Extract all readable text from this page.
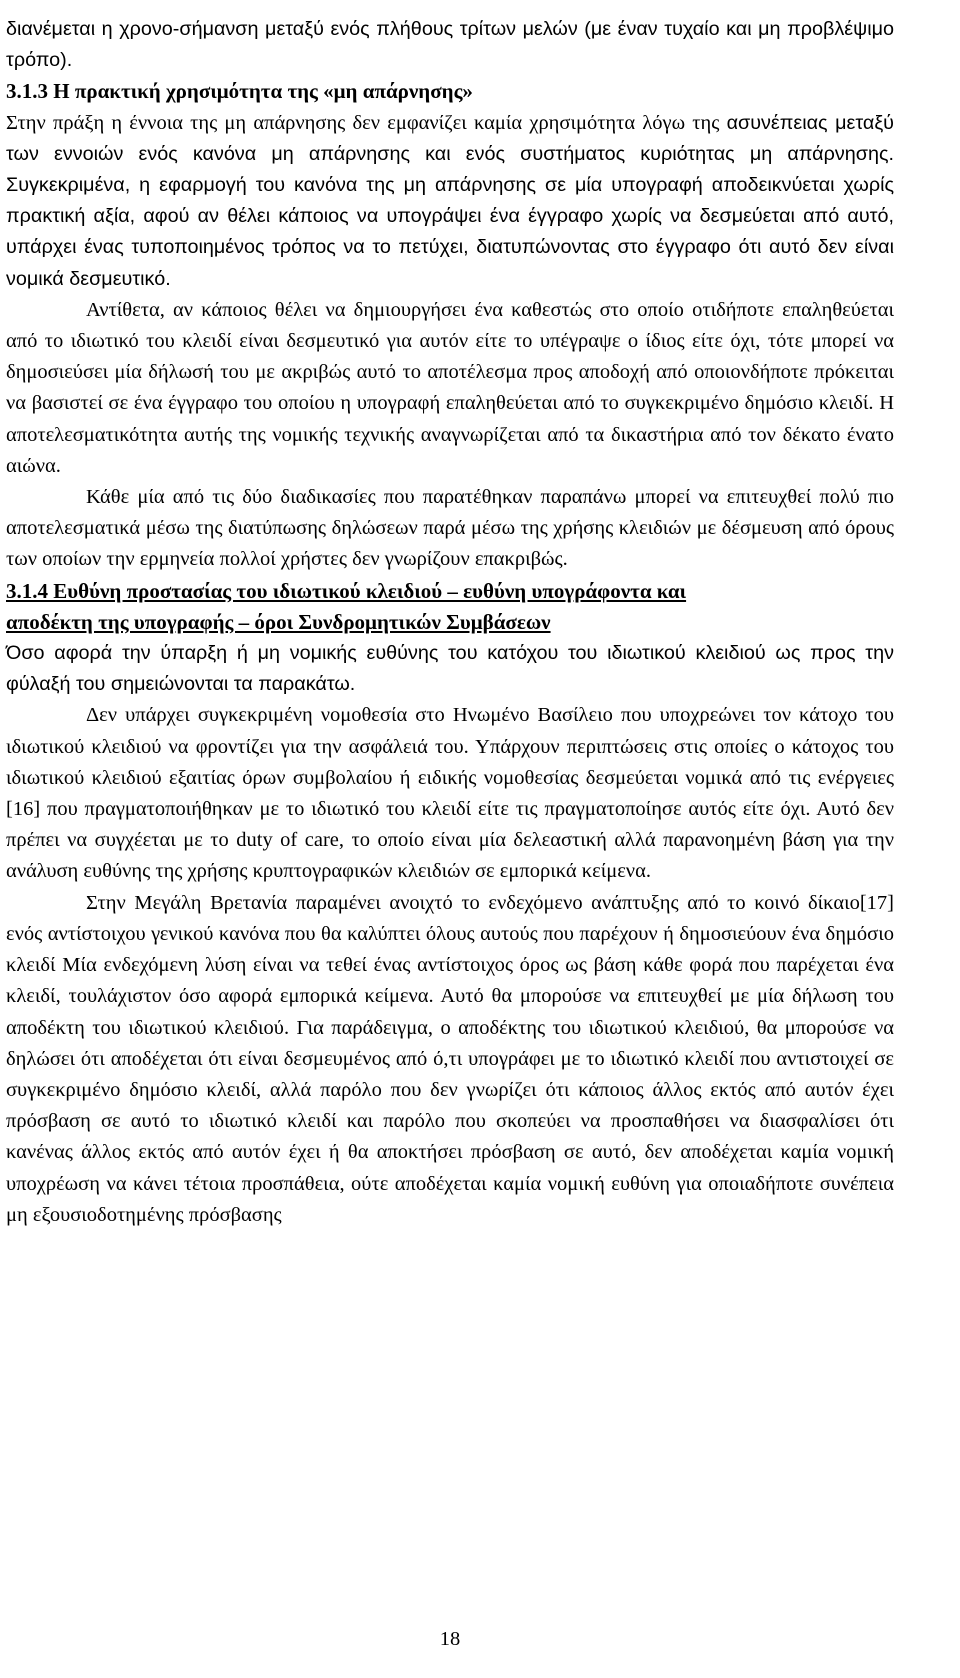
διανέμεται η χρονο-σήμανση μεταξύ ενός πλήθους τρίτων μελών (με έναν τυχαίο και μη προβλέψιμο τρόπο).

3.1.3 Η πρακτική χρησιμότητα της «μη απάρνησης»

Στην πράξη η έννοια της μη απάρνησης δεν εμφανίζει καμία χρησιμότητα λόγω της ασυνέπειας μεταξύ των εννοιών ενός κανόνα μη απάρνησης και ενός συστήματος κυριότητας μη απάρνησης. Συγκεκριμένα, η εφαρμογή του κανόνα της μη απάρνησης σε μία υπογραφή αποδεικνύεται χωρίς πρακτική αξία, αφού αν θέλει κάποιος να υπογράψει ένα έγγραφο χωρίς να δεσμεύεται από αυτό, υπάρχει ένας τυποποιημένος τρόπος να το πετύχει, διατυπώνοντας στο έγγραφο ότι αυτό δεν είναι νομικά δεσμευτικό.

Αντίθετα, αν κάποιος θέλει να δημιουργήσει ένα καθεστώς στο οποίο οτιδήποτε επαληθεύεται από το ιδιωτικό του κλειδί είναι δεσμευτικό για αυτόν είτε το υπέγραψε ο ίδιος είτε όχι, τότε μπορεί να δημοσιεύσει μία δήλωσή του με ακριβώς αυτό το αποτέλεσμα προς αποδοχή από οποιονδήποτε πρόκειται να βασιστεί σε ένα έγγραφο του οποίου η υπογραφή επαληθεύεται από το συγκεκριμένο δημόσιο κλειδί. Η αποτελεσματικότητα αυτής της νομικής τεχνικής αναγνωρίζεται από τα δικαστήρια από τον δέκατο ένατο αιώνα.

Κάθε μία από τις δύο διαδικασίες που παρατέθηκαν παραπάνω μπορεί να επιτευχθεί πολύ πιο αποτελεσματικά μέσω της διατύπωσης δηλώσεων παρά μέσω της χρήσης κλειδιών με δέσμευση από όρους των οποίων την ερμηνεία πολλοί χρήστες δεν γνωρίζουν επακριβώς.

3.1.4 Ευθύνη προστασίας του ιδιωτικού κλειδιού – ευθύνη υπογράφοντα και
αποδέκτη της υπογραφής – όροι Συνδρομητικών Συμβάσεων

Όσο αφορά την ύπαρξη ή μη νομικής ευθύνης του κατόχου του ιδιωτικού κλειδιού ως προς την φύλαξή του σημειώνονται τα παρακάτω.

Δεν υπάρχει συγκεκριμένη νομοθεσία στο Ηνωμένο Βασίλειο που υποχρεώνει τον κάτοχο του ιδιωτικού κλειδιού να φροντίζει για την ασφάλειά του. Υπάρχουν περιπτώσεις στις οποίες ο κάτοχος του ιδιωτικού κλειδιού εξαιτίας όρων συμβολαίου ή ειδικής νομοθεσίας δεσμεύεται νομικά από τις ενέργειες [16] που πραγματοποιήθηκαν με το ιδιωτικό του κλειδί είτε τις πραγματοποίησε αυτός είτε όχι. Αυτό δεν πρέπει να συγχέεται με το duty of care, το οποίο είναι μία δελεαστική αλλά παρανοημένη βάση για την ανάλυση ευθύνης της χρήσης κρυπτογραφικών κλειδιών σε εμπορικά κείμενα.

Στην Μεγάλη Βρετανία παραμένει ανοιχτό το ενδεχόμενο ανάπτυξης από το κοινό δίκαιο[17] ενός αντίστοιχου γενικού κανόνα που θα καλύπτει όλους αυτούς που παρέχουν ή δημοσιεύουν ένα δημόσιο κλειδί Μία ενδεχόμενη λύση είναι να τεθεί ένας αντίστοιχος όρος ως βάση κάθε φορά που παρέχεται ένα κλειδί, τουλάχιστον όσο αφορά εμπορικά κείμενα. Αυτό θα μπορούσε να επιτευχθεί με μία δήλωση του αποδέκτη του ιδιωτικού κλειδιού. Για παράδειγμα, ο αποδέκτης του ιδιωτικού κλειδιού, θα μπορούσε να δηλώσει ότι αποδέχεται ότι είναι δεσμευμένος από ό,τι υπογράφει με το ιδιωτικό κλειδί που αντιστοιχεί σε συγκεκριμένο δημόσιο κλειδί, αλλά παρόλο που δεν γνωρίζει ότι κάποιος άλλος εκτός από αυτόν έχει πρόσβαση σε αυτό το ιδιωτικό κλειδί και παρόλο που σκοπεύει να προσπαθήσει να διασφαλίσει ότι κανένας άλλος εκτός από αυτόν έχει ή θα αποκτήσει πρόσβαση σε αυτό, δεν αποδέχεται καμία νομική υποχρέωση να κάνει τέτοια προσπάθεια, ούτε αποδέχεται καμία νομική ευθύνη για οποιαδήποτε συνέπεια μη εξουσιοδοτημένης πρόσβασης

18
